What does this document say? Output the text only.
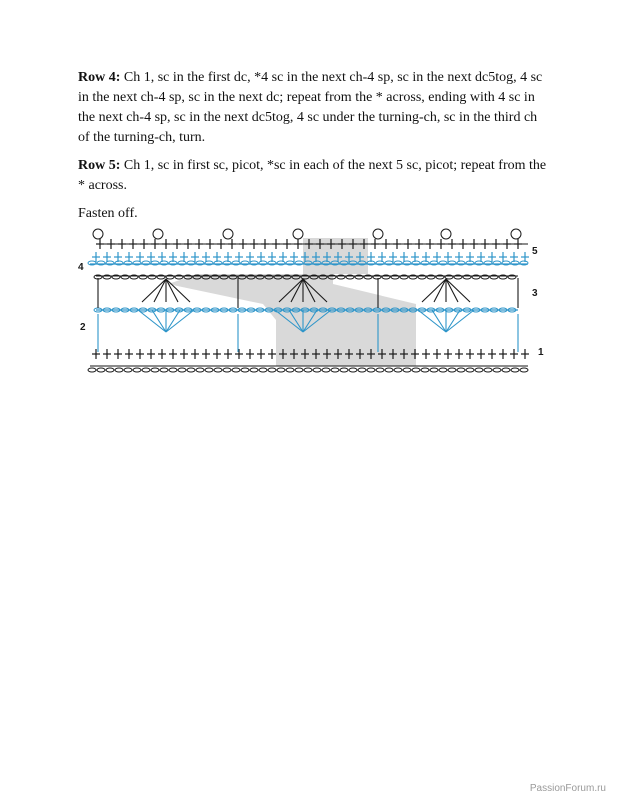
Row 4: Ch 1, sc in the first dc, *4 sc in the next ch-4 sp, sc in the next dc5tog, 4 sc in the next ch-4 sp, sc in the next dc; repeat from the * across, ending with 4 sc in the next ch-4 sp, sc in the next dc5tog, 4 sc under the turning-ch, sc in the third ch of the turning-ch, turn.

Row 5: Ch 1, sc in first sc, picot, *sc in each of the next 5 sc, picot; repeat from the * across.

Fasten off.

5
4
3
2
1
PassionForum.ru
